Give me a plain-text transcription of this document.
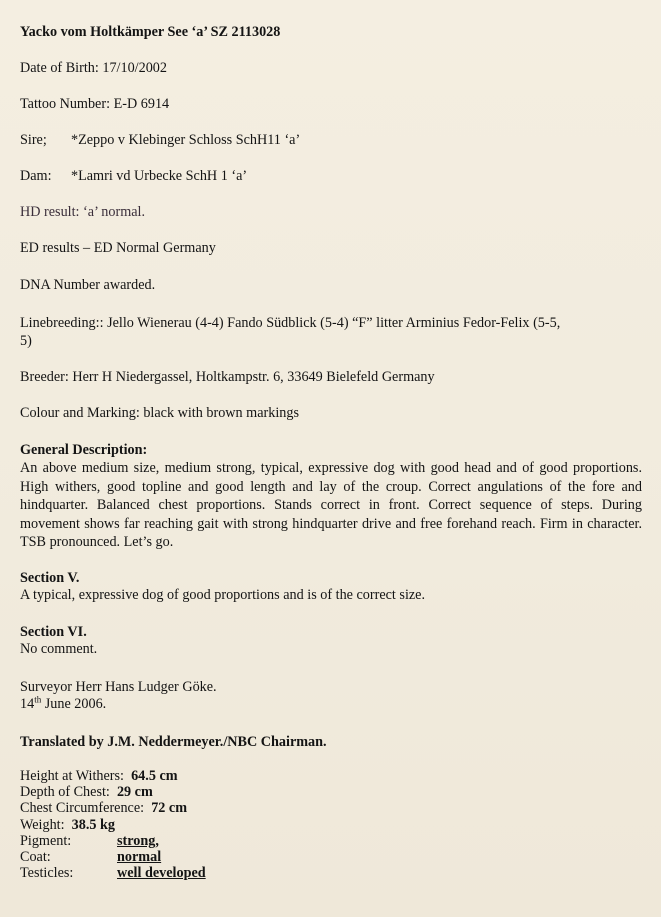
Yacko vom Holtkämper See ‘a’ SZ 2113028
Date of Birth: 17/10/2002
Tattoo Number: E-D 6914
Sire; *Zeppo v Klebinger Schloss SchH11 ‘a’
Dam: *Lamri vd Urbecke SchH 1 ‘a’
HD result: ‘a’ normal.
ED results – ED Normal Germany
DNA Number awarded.
Linebreeding:: Jello Wienerau (4-4) Fando Südblick (5-4) “F” litter Arminius Fedor-Felix (5-5,
5)
Breeder: Herr H Niedergassel, Holtkampstr. 6, 33649 Bielefeld Germany
Colour and Marking: black with brown markings
General Description:
An above medium size, medium strong, typical, expressive dog with good head and of good proportions. High withers, good topline and good length and lay of the croup. Correct angulations of the fore and hindquarter. Balanced chest proportions. Stands correct in front. Correct sequence of steps. During movement shows far reaching gait with strong hindquarter drive and free forehand reach. Firm in character. TSB pronounced. Let’s go.
Section V.
A typical, expressive dog of good proportions and is of the correct size.
Section VI.
No comment.
Surveyor Herr Hans Ludger Göke.
14th June 2006.
Translated by J.M. Neddermeyer./NBC Chairman.
Height at Withers: 64.5 cm
Depth of Chest: 29 cm
Chest Circumference: 72 cm
Weight: 38.5 kg
Pigment:	strong,
Coat:	normal
Testicles:	well developed
